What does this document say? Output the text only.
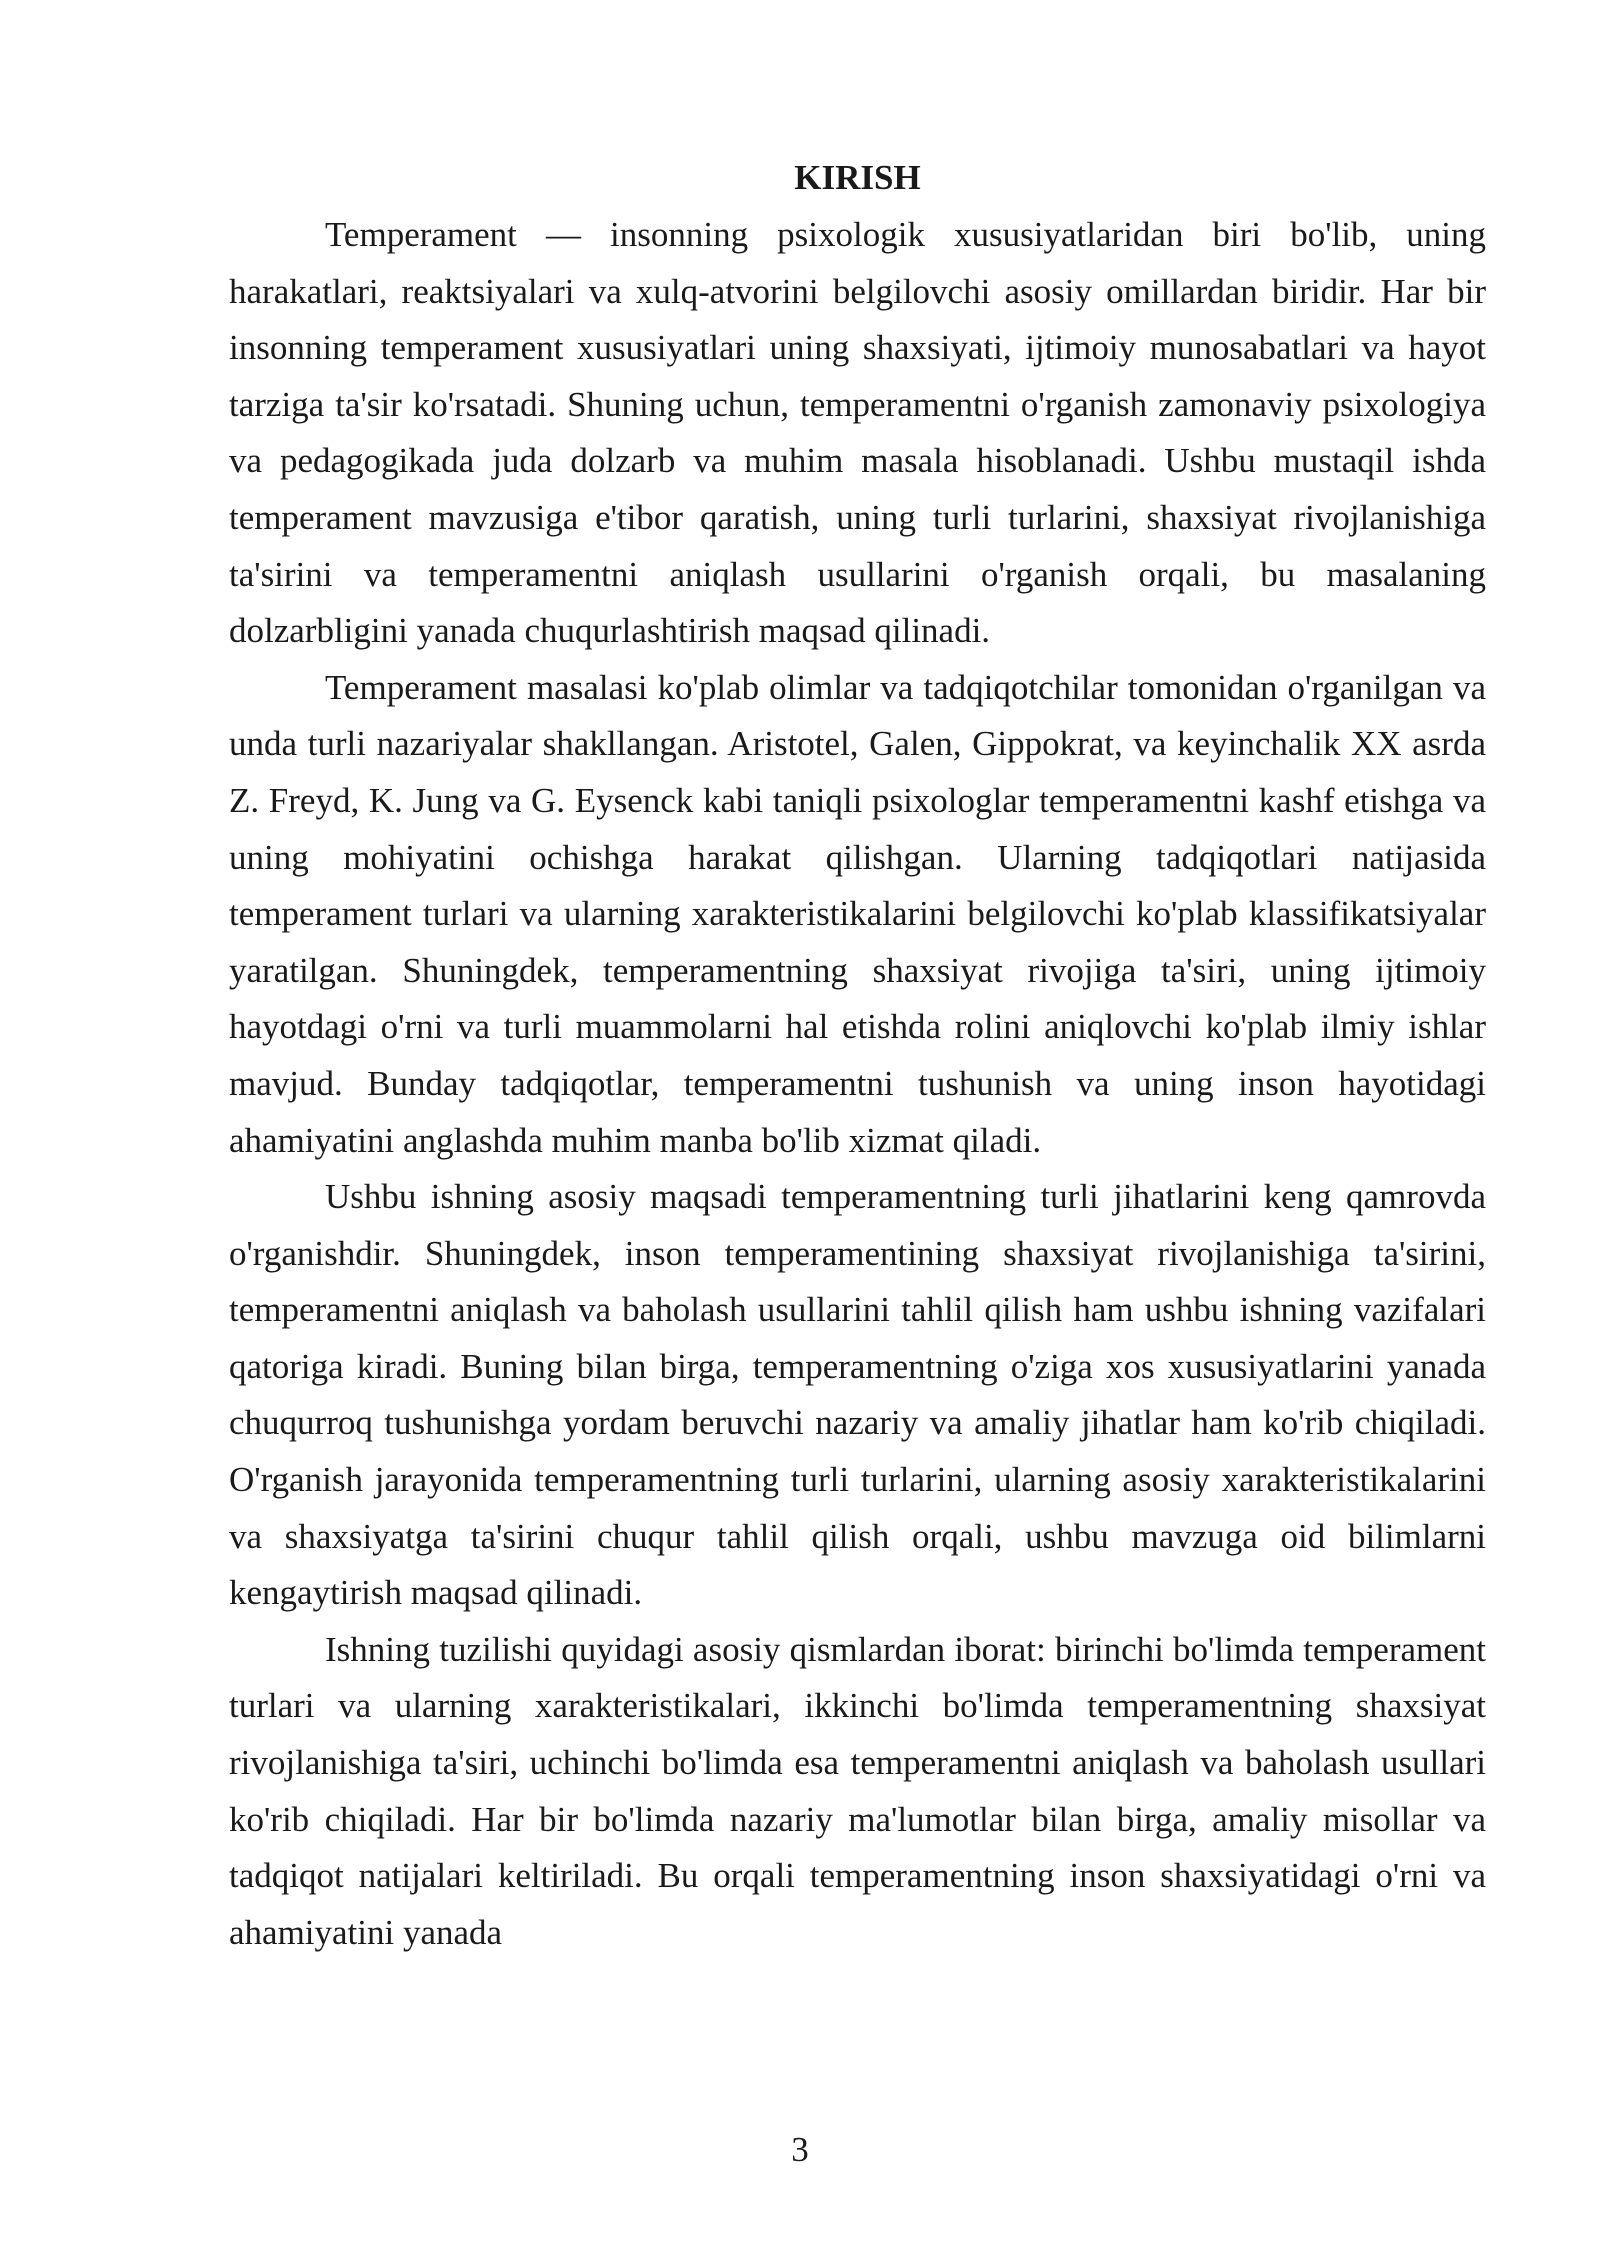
KIRISH

Temperament — insonning psixologik xususiyatlaridan biri bo'lib, uning harakatlari, reaktsiyalari va xulq-atvorini belgilovchi asosiy omillardan biridir. Har bir insonning temperament xususiyatlari uning shaxsiyati, ijtimoiy munosabatlari va hayot tarziga ta'sir ko'rsatadi. Shuning uchun, temperamentni o'rganish zamonaviy psixologiya va pedagogikada juda dolzarb va muhim masala hisoblanadi. Ushbu mustaqil ishda temperament mavzusiga e'tibor qaratish, uning turli turlarini, shaxsiyat rivojlanishiga ta'sirini va temperamentni aniqlash usullarini o'rganish orqali, bu masalaning dolzarbligini yanada chuqurlashtirish maqsad qilinadi.

Temperament masalasi ko'plab olimlar va tadqiqotchilar tomonidan o'rganilgan va unda turli nazariyalar shakllangan. Aristotel, Galen, Gippokrat, va keyinchalik XX asrda Z. Freyd, K. Jung va G. Eysenck kabi taniqli psixologlar temperamentni kashf etishga va uning mohiyatini ochishga harakat qilishgan. Ularning tadqiqotlari natijasida temperament turlari va ularning xarakteristikalarini belgilovchi ko'plab klassifikatsiyalar yaratilgan. Shuningdek, temperamentning shaxsiyat rivojiga ta'siri, uning ijtimoiy hayotdagi o'rni va turli muammolarni hal etishda rolini aniqlovchi ko'plab ilmiy ishlar mavjud. Bunday tadqiqotlar, temperamentni tushunish va uning inson hayotidagi ahamiyatini anglashda muhim manba bo'lib xizmat qiladi.

Ushbu ishning asosiy maqsadi temperamentning turli jihatlarini keng qamrovda o'rganishdir. Shuningdek, inson temperamentining shaxsiyat rivojlanishiga ta'sirini, temperamentni aniqlash va baholash usullarini tahlil qilish ham ushbu ishning vazifalari qatoriga kiradi. Buning bilan birga, temperamentning o'ziga xos xususiyatlarini yanada chuqurroq tushunishga yordam beruvchi nazariy va amaliy jihatlar ham ko'rib chiqiladi. O'rganish jarayonida temperamentning turli turlarini, ularning asosiy xarakteristikalarini va shaxsiyatga ta'sirini chuqur tahlil qilish orqali, ushbu mavzuga oid bilimlarni kengaytirish maqsad qilinadi.

Ishning tuzilishi quyidagi asosiy qismlardan iborat: birinchi bo'limda temperament turlari va ularning xarakteristikalari, ikkinchi bo'limda temperamentning shaxsiyat rivojlanishiga ta'siri, uchinchi bo'limda esa temperamentni aniqlash va baholash usullari ko'rib chiqiladi. Har bir bo'limda nazariy ma'lumotlar bilan birga, amaliy misollar va tadqiqot natijalari keltiriladi. Bu orqali temperamentning inson shaxsiyatidagi o'rni va ahamiyatini yanada

3
